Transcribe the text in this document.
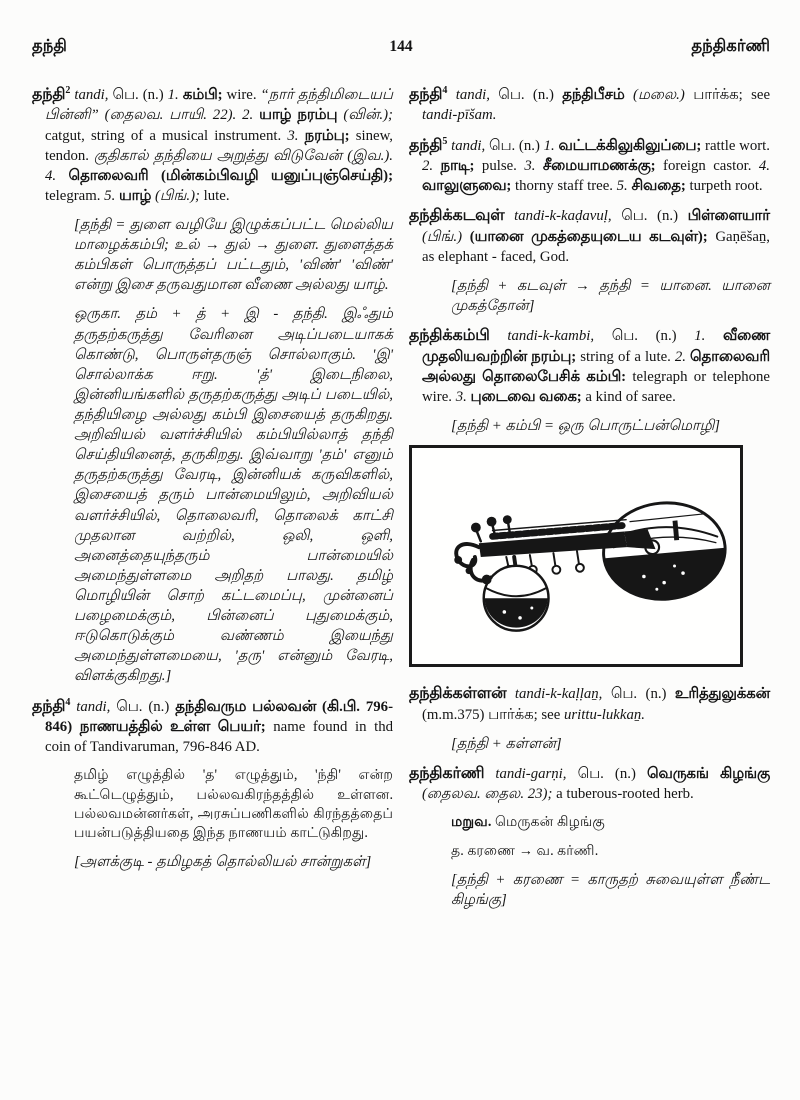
தந்தி	144	தந்திகர்ணி

தந்தி$^2$ tandi, பெ. (n.) 1. கம்பி; wire. “நார் தந்திமிடையப் பின்னி” (தைலவ. பாயி. 22). 2. யாழ் நரம்பு (வின்.); catgut, string of a musical instrument. 3. நரம்பு; sinew, tendon. குதிகால் தந்தியை அறுத்து விடுவேன் (இவ.). 4. தொலைவரி (மின்கம்பிவழி யனுப்புஞ்செய்தி); telegram. 5. யாழ் (பிங்.); lute.

[தந்தி = துளை வழியே இழுக்கப்பட்ட மெல்லிய மாழைக்கம்பி; உல் → துல் → துளை. துளைத்தக் கம்பிகள் பொருத்தப் பட்டதும், 'விண்' 'விண்' என்று இசை தருவதுமான வீணை அல்லது யாழ்.

ஒருகா. தம் + த் + இ - தந்தி. இஃதும் தருதற்கருத்து வேரினை அடிப்படையாகக் கொண்டு, பொருள்தருஞ் சொல்லாகும். 'இ' சொல்லாக்க ஈறு. 'த்' இடைநிலை, இன்னியங்களில் தருதற்கருத்து அடிப் படையில், தந்தியிழை அல்லது கம்பி இசையைத் தருகிறது. அறிவியல் வளர்ச்சியில் கம்பியில்லாத் தந்தி செய்தியினைத், தருகிறது. இவ்வாறு 'தம்' எனும் தருதற்கருத்து வேரடி, இன்னியக் கருவிகளில், இசையைத் தரும் பான்மையிலும், அறிவியல் வளர்ச்சியில், தொலைவரி, தொலைக் காட்சி முதலான வற்றில், ஒலி, ஒளி, அனைத்தையுந்தரும் பான்மையில் அமைந்துள்ளமை அறிதற் பாலது. தமிழ் மொழியின் சொற் கட்டமைப்பு, முன்னைப் பழைமைக்கும், பின்னைப் புதுமைக்கும், ஈடுகொடுக்கும் வண்ணம் இயைந்து அமைந்துள்ளமையை, 'தரு' என்னும் வேரடி, விளக்குகிறது.]

தந்தி$^4$ tandi, பெ. (n.) தந்திவரும பல்லவன் (கி.பி. 796-846) நாணயத்தில் உள்ள பெயர்; name found in thd coin of Tandivaruman, 796-846 AD.

தமிழ் எழுத்தில் 'த' எழுத்தும், 'ந்தி' என்ற கூட்டெழுத்தும், பல்லவகிரந்தத்தில் உள்ளன. பல்லவமன்னர்கள், அரசுப்பணிகளில் கிரந்தத்தைப் பயன்படுத்தியதை இந்த நாணயம் காட்டுகிறது.

[அளக்குடி - தமிழகத் தொல்லியல் சான்றுகள்]

தந்தி$^4$ tandi, பெ. (n.) தந்திபீசம் (மலை.) பார்க்க; see tandi-pīšam.

தந்தி$^5$ tandi, பெ. (n.) 1. வட்டக்கிலுகிலுப்பை; rattle wort. 2. நாடி; pulse. 3. சீமையாமணக்கு; foreign castor. 4. வாலுளுவை; thorny staff tree. 5. சிவதை; turpeth root.

தந்திக்கடவுள் tandi-k-kaḍavuḷ, பெ. (n.) பிள்ளையார் (பிங்.) (யானை முகத்தையுடைய கடவுள்); Gaṇēšaṉ, as elephant - faced, God.

[தந்தி + கடவுள் → தந்தி = யானை. யானை முகத்தோன்]

தந்திக்கம்பி tandi-k-kambi, பெ. (n.) 1. வீணை முதலியவற்றின் நரம்பு; string of a lute. 2. தொலைவரி அல்லது தொலைபேசிக் கம்பி: telegraph or telephone wire. 3. புடைவை வகை; a kind of saree.

[தந்தி + கம்பி = ஒரு பொருட்பன்மொழி]

தந்திக்கள்ளன் tandi-k-kaḷḷaṉ, பெ. (n.) உரித்துலுக்கன் (m.m.375) பார்க்க; see urittu-lukkaṉ.

[தந்தி + கள்ளன்]

தந்திகர்ணி tandi-garṇi, பெ. (n.) வெருகங் கிழங்கு (தைலவ. தைல. 23); a tuberous-rooted herb.

மறுவ. மெருகன் கிழங்கு

த. கரணை → வ. கர்ணி.

[தந்தி + கரணை = காருதற் சுவையுள்ள நீண்ட கிழங்கு]
